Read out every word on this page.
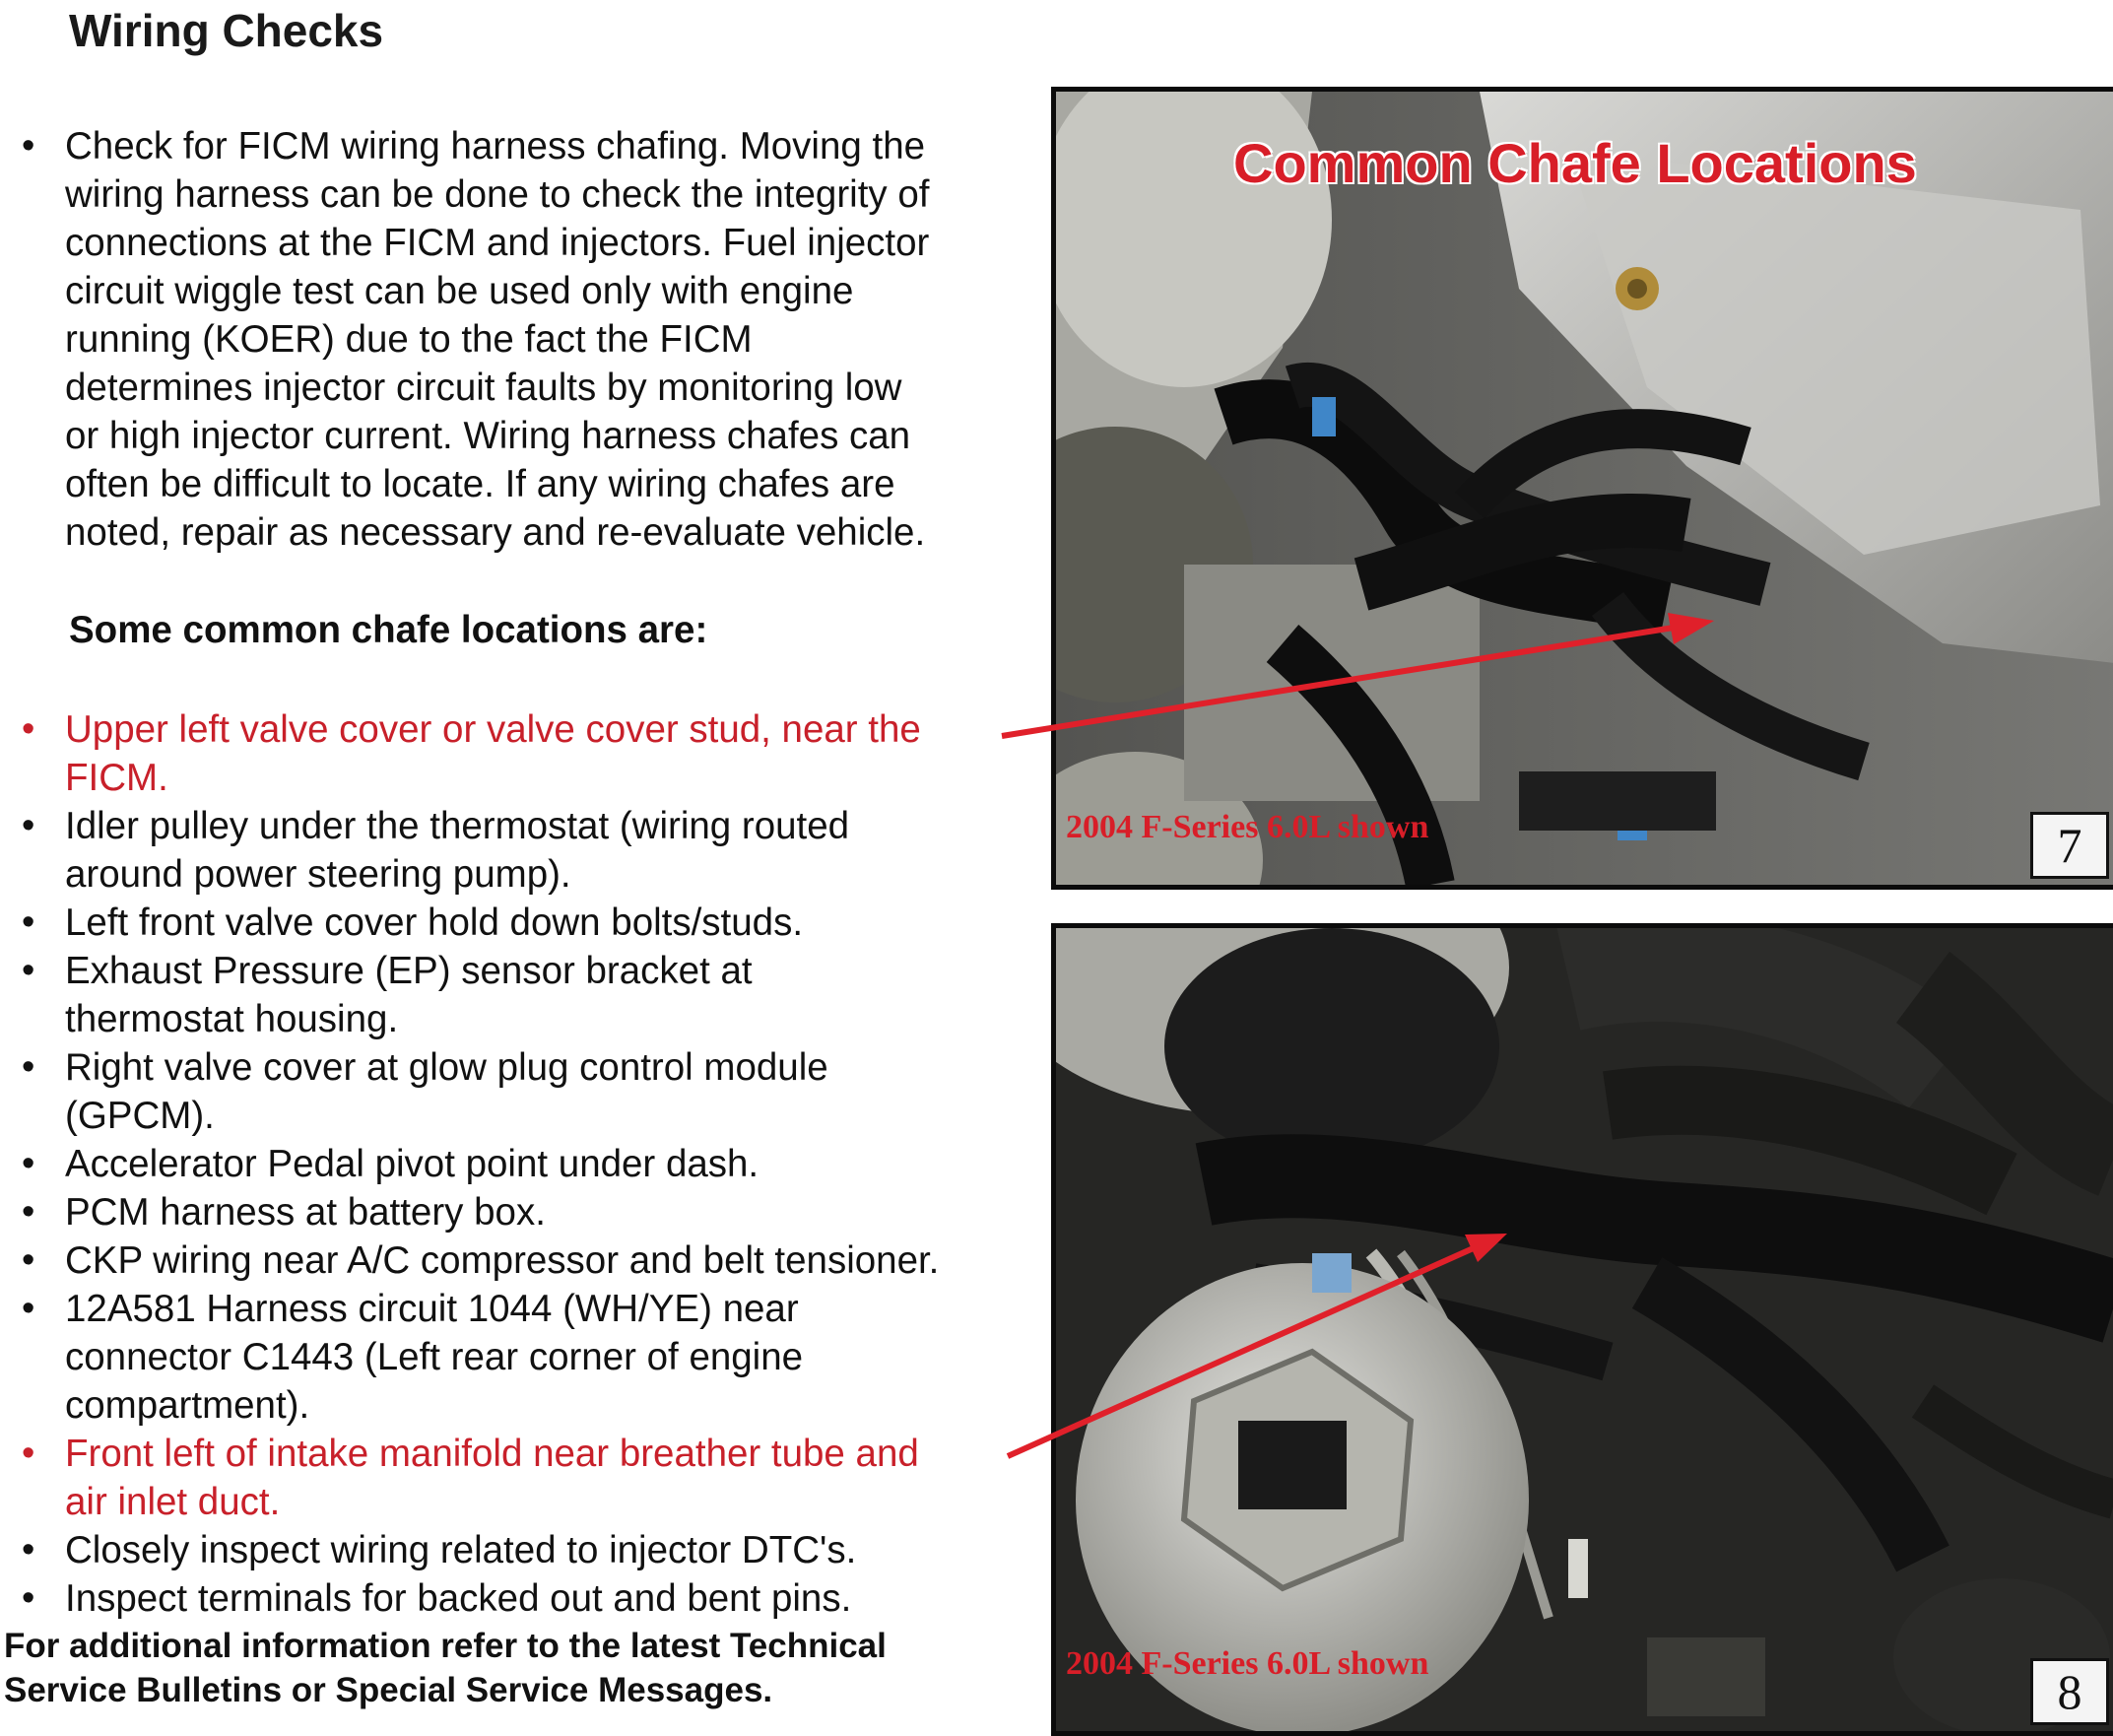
Wiring Checks
• Check for FICM wiring harness chafing. Moving the
wiring harness can be done to check the integrity of
connections at the FICM and injectors. Fuel injector
circuit wiggle test can be used only with engine
running (KOER) due to the fact the FICM
determines injector circuit faults by monitoring low
or high injector current. Wiring harness chafes can
often be difficult to locate. If any wiring chafes are
noted, repair as necessary and re-evaluate vehicle.
Some common chafe locations are:
• Upper left valve cover or valve cover stud, near the
FICM.
• Idler pulley under the thermostat (wiring routed
around power steering pump).
• Left front valve cover hold down bolts/studs.
• Exhaust Pressure (EP) sensor bracket at
thermostat housing.
• Right valve cover at glow plug control module
(GPCM).
• Accelerator Pedal pivot point under dash.
• PCM harness at battery box.
• CKP wiring near A/C compressor and belt tensioner.
• 12A581 Harness circuit 1044 (WH/YE) near
connector C1443 (Left rear corner of engine
compartment).
• Front left of intake manifold near breather tube and
air inlet duct.
• Closely inspect wiring related to injector DTC's.
• Inspect terminals for backed out and bent pins.
Common Chafe Locations
2004 F-Series 6.0L shown	7
2004 F-Series 6.0L shown
8
For additional information refer to the latest Technical
Service Bulletins or Special Service Messages.
